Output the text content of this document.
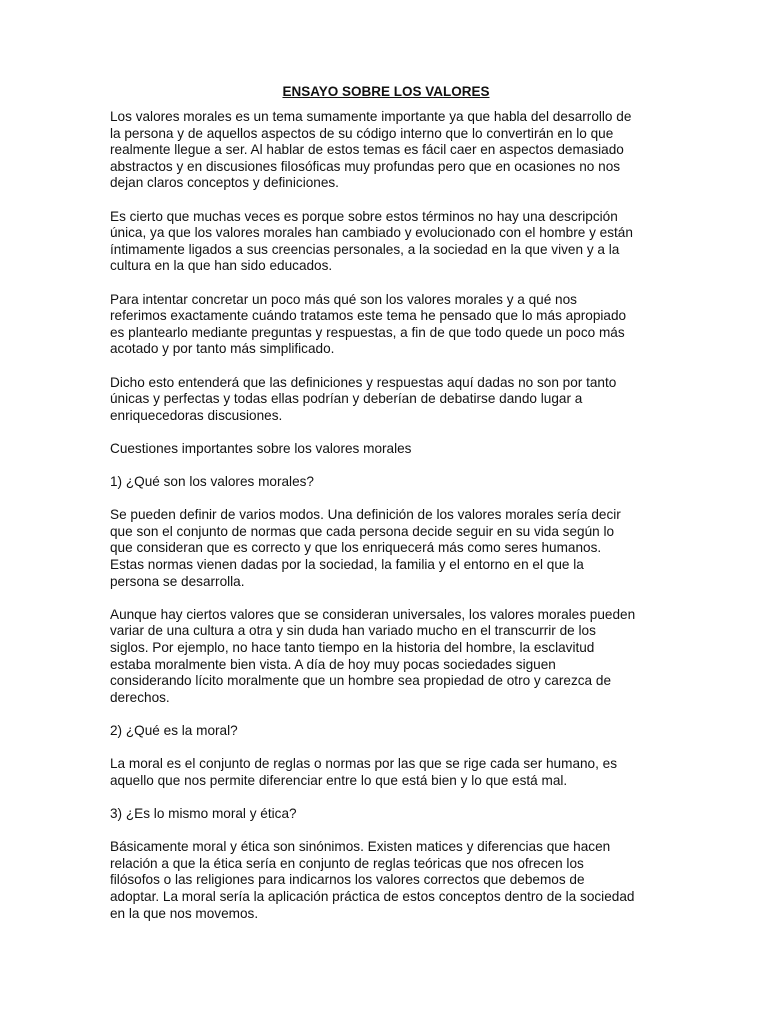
ENSAYO SOBRE LOS VALORES
Los valores morales es un tema sumamente importante ya que habla del desarrollo de
la persona y de aquellos aspectos de su código interno que lo convertirán en lo que
realmente llegue a ser. Al hablar de estos temas es fácil caer en aspectos demasiado
abstractos y en discusiones filosóficas muy profundas pero que en ocasiones no nos
dejan claros conceptos y definiciones.
Es cierto que muchas veces es porque sobre estos términos no hay una descripción
única, ya que los valores morales han cambiado y evolucionado con el hombre y están
íntimamente ligados a sus creencias personales, a la sociedad en la que viven y a la
cultura en la que han sido educados.
Para intentar concretar un poco más qué son los valores morales y a qué nos
referimos exactamente cuándo tratamos este tema he pensado que lo más apropiado
es plantearlo mediante preguntas y respuestas, a fin de que todo quede un poco más
acotado y por tanto más simplificado.
Dicho esto entenderá que las definiciones y respuestas aquí dadas no son por tanto
únicas y perfectas y todas ellas podrían y deberían de debatirse dando lugar a
enriquecedoras discusiones.
Cuestiones importantes sobre los valores morales
1) ¿Qué son los valores morales?
Se pueden definir de varios modos. Una definición de los valores morales sería decir
que son el conjunto de normas que cada persona decide seguir en su vida según lo
que consideran que es correcto y que los enriquecerá más como seres humanos.
Estas normas vienen dadas por la sociedad, la familia y el entorno en el que la
persona se desarrolla.
Aunque hay ciertos valores que se consideran universales, los valores morales pueden
variar de una cultura a otra y sin duda han variado mucho en el transcurrir de los
siglos. Por ejemplo, no hace tanto tiempo en la historia del hombre, la esclavitud
estaba moralmente bien vista. A día de hoy muy pocas sociedades siguen
considerando lícito moralmente que un hombre sea propiedad de otro y carezca de
derechos.
2) ¿Qué es la moral?
La moral es el conjunto de reglas o normas por las que se rige cada ser humano, es
aquello que nos permite diferenciar entre lo que está bien y lo que está mal.
3) ¿Es lo mismo moral y ética?
Básicamente moral y ética son sinónimos. Existen matices y diferencias que hacen
relación a que la ética sería en conjunto de reglas teóricas que nos ofrecen los
filósofos o las religiones para indicarnos los valores correctos que debemos de
adoptar. La moral sería la aplicación práctica de estos conceptos dentro de la sociedad
en la que nos movemos.
